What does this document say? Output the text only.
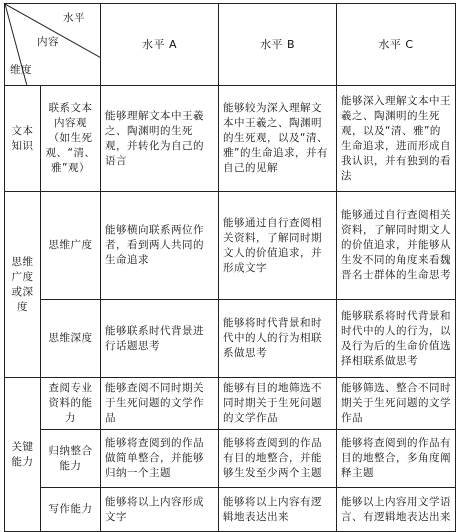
水平
内容
维度		水平 A	水平 B	水平 C
文本知识	联系文本内容观（如生死观、“清、雅”观）	能够理解文本中王羲之、陶渊明的生死观，并转化为自己的语言	能够较为深入理解文本中王羲之、陶渊明的生死观，以及“清、雅”的生命追求，并有自己的见解	能够深入理解文本中王羲之、陶渊明的生死观，以及“清、雅”的生命追求，进而形成自我认识，并有独到的看法
思维广度或深度	思维广度	能够横向联系两位作者，看到两人共同的生命追求	能够通过自行查阅相关资料，了解同时期文人的价值追求，并形成文字	能够通过自行查阅相关资料，了解同时期文人的价值追求，并能够从生发不同的角度来看魏晋名士群体的生命思考
	思维深度	能够联系时代背景进行话题思考	能够将时代背景和时代中的人的行为相联系做思考	能够联系将时代背景和时代中的人的行为，以及行为后的生命价值选择相联系做思考
关键能力	查阅专业资料的能力	能够查阅不同时期关于生死问题的文学作品	能够有目的地筛选不同时期关于生死问题的文学作品	能够筛选、整合不同时期关于生死问题的文学作品
	归纳整合能力	能够将查阅到的作品做简单整合，并能够归纳一个主题	能够将查阅到的作品有目的地整合，并能够生发至少两个主题	能够将查阅到的作品有目的地整合，多角度阐释主题
	写作能力	能够将以上内容形成文字	能够将以上内容有逻辑地表达出来	能够以上内容用文学语言、有逻辑地表达出来
